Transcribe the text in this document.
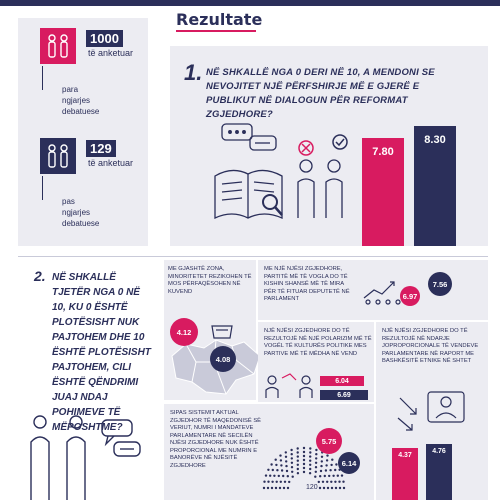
Rezultate
1000
të anketuar
para
ngjarjes
debatuese
129
të anketuar
pas
ngjarjes
debatuese
1. NË SHKALLË NGA 0 DERI NË 10, A MENDONI SE NEVOJITET NJË PËRFSHIRJE MË E GJERË E PUBLIKUT NË DIALOGUN PËR REFORMAT ZGJEDHORE?
7.80
8.30
2. NË SHKALLË TJETËR NGA 0 NË 10, KU 0 ËSHTË PLOTËSISHT NUK PAJTOHEM DHE 10 ËSHTË PLOTËSISHT PAJTOHEM, CILI ËSHTË QËNDRIMI JUAJ NDAJ POHIMEVE TË MËPOSHTME?
ME GJASHTË ZONA, MINORITETET REZIKOHEN TË MOS PËRFAQËSOHEN NË KUVEND
4.12
4.08
ME NJË NJËSI ZGJEDHORE, PARTITË MË TË VOGLA DO TË KISHIN SHANSË MË TË MIRA PËR TË FITUAR DEPUTETË NË PARLAMENT	6.97
7.56
NJË NJËSI ZGJEDHORE DO TË REZULTOJË NË NJË POLARIZIM MË TË VOGËL TË KULTURËS POLITIKE MES PARTIVE MË TË MËDHA NË VEND
6.04
6.69
NJË NJËSI ZGJEDHORE DO TË REZULTOJË NË NDARJE JOPROPORCIONALE TË VENDEVE PARLAMENTARE NË RAPORT ME BASHKËSITË ETNIKE NË SHTET
4.37
4.76
SIPAS SISTEMIT AKTUAL ZGJEDHOR TË MAQEDONISË SË VERIUT, NUMRI I MANDATEVE PARLAMENTARE NË SECILËN NJËSI ZGJEDHORE NUK ËSHTË PROPORCIONAL ME NUMRIN E BANORËVE NË NJËSITË ZGJEDHORE
120
5.75
6.14
